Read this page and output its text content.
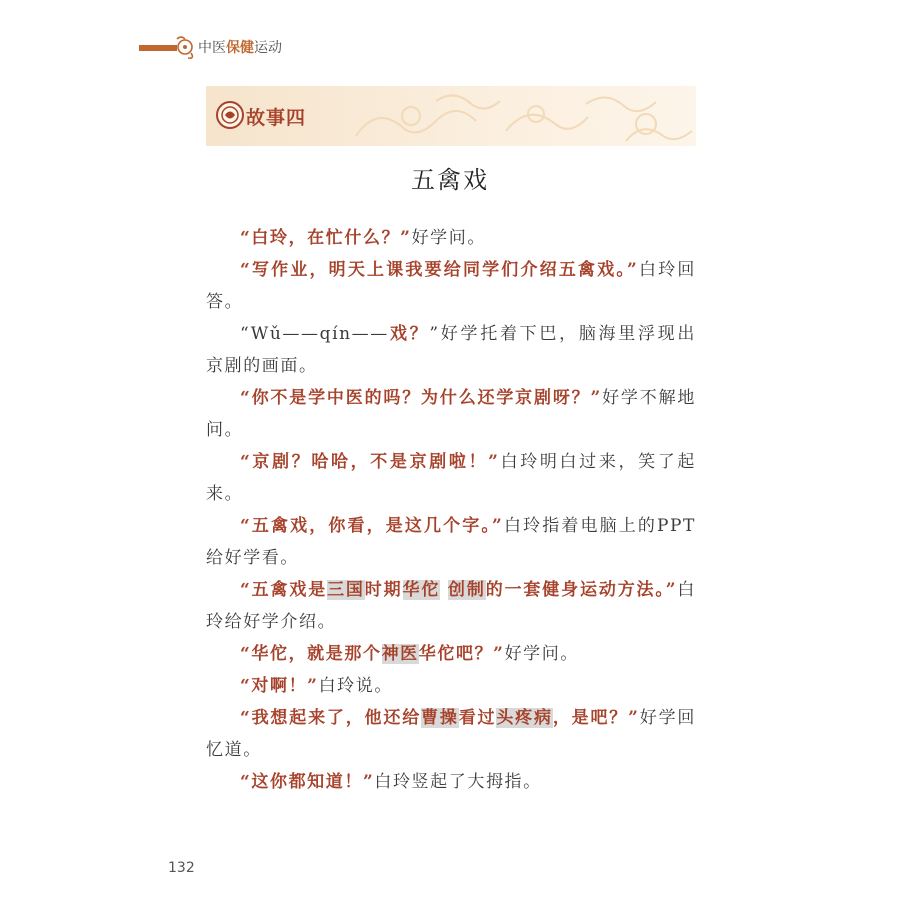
中医保健运动
故事四
五禽戏

“白玲，在忙什么？”好学问。

“写作业，明天上课我要给同学们介绍五禽戏。”白玲回答。

“Wǔ——qín——戏？”好学托着下巴，脑海里浮现出京剧的画面。

“你不是学中医的吗？为什么还学京剧呀？”好学不解地问。

“京剧？哈哈，不是京剧啦！”白玲明白过来，笑了起来。

“五禽戏，你看，是这几个字。”白玲指着电脑上的PPT 给好学看。

“五禽戏是三国时期华佗 创制的一套健身运动方法。”白玲给好学介绍。

“华佗，就是那个神医华佗吧？”好学问。

“对啊！”白玲说。

“我想起来了，他还给曹操看过头疼病，是吧？”好学回忆道。

“这你都知道！”白玲竖起了大拇指。

132
